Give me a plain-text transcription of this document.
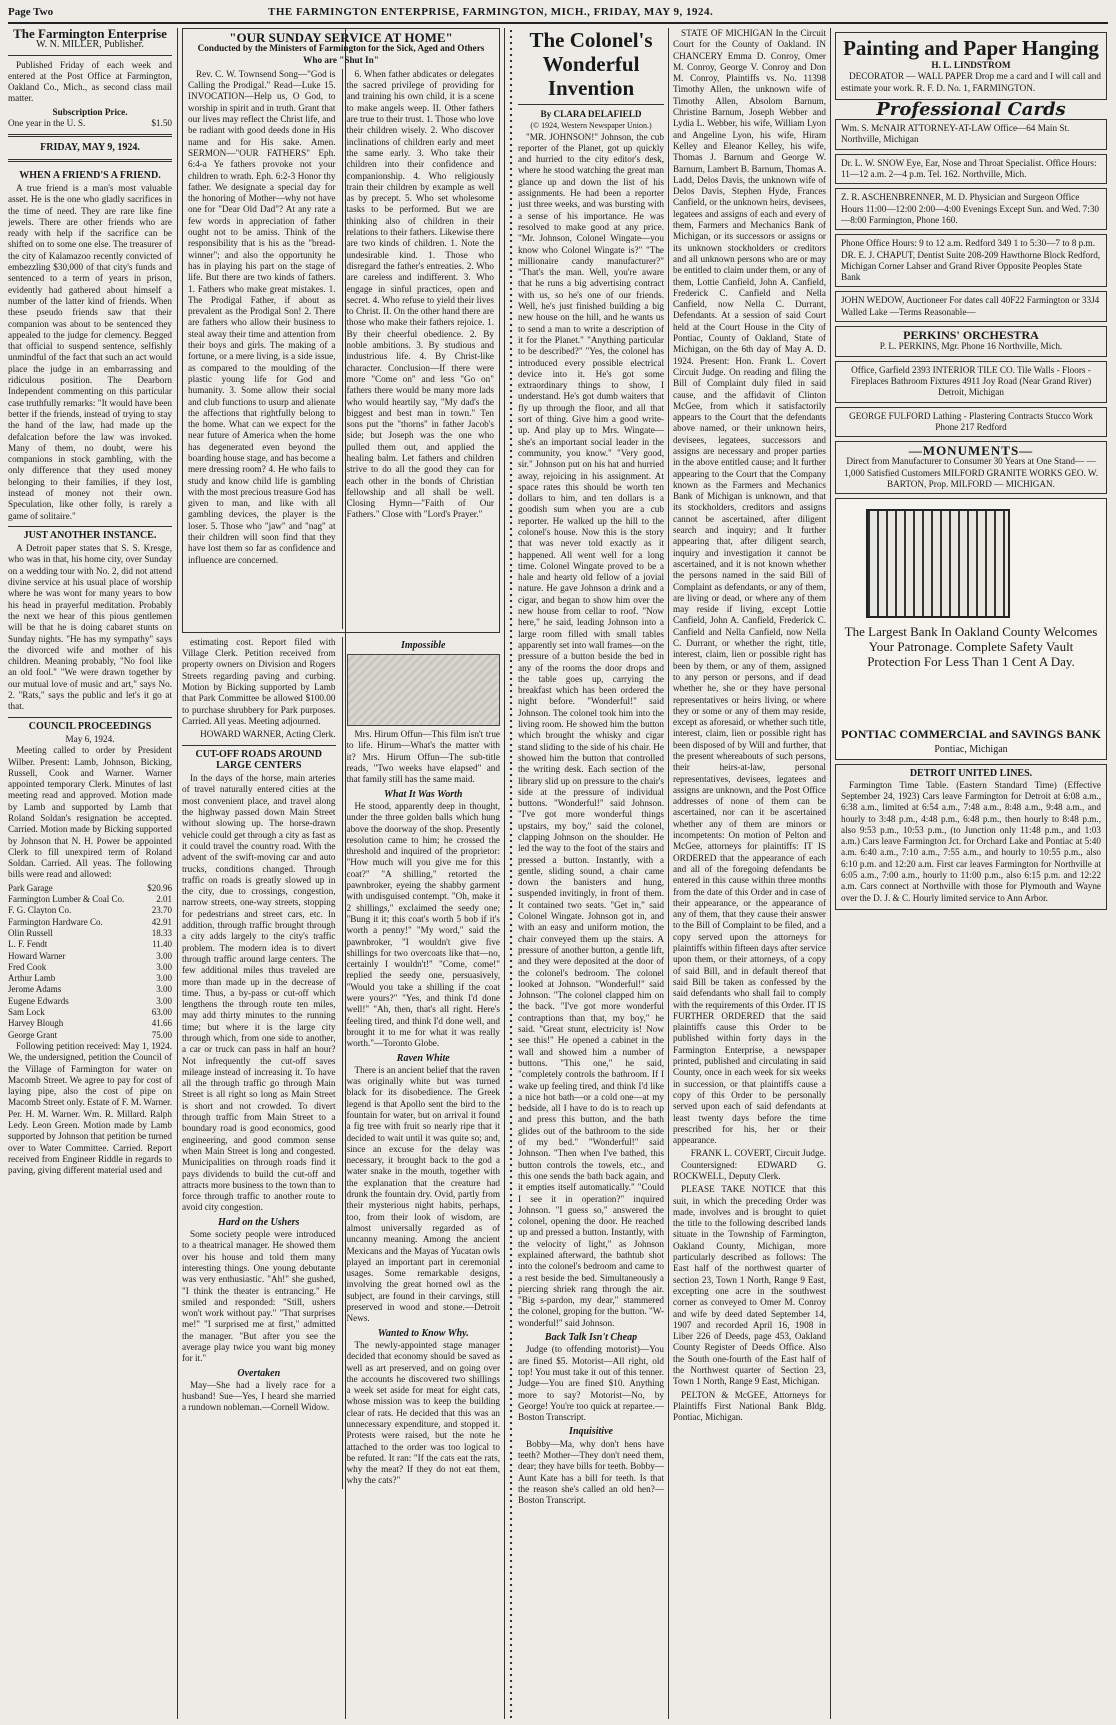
Page Two	THE FARMINGTON ENTERPRISE, FARMINGTON, MICH., FRIDAY, MAY 9, 1924.
The Farmington Enterprise
W. N. MILLER, Publisher.

Published Friday of each week and entered at the Post Office at Farmington, Oakland Co., Mich., as second class mail matter.

Subscription Price.
One year in the U. S.	$1.50
FRIDAY, MAY 9, 1924.
WHEN A FRIEND'S A FRIEND.

A true friend is a man's most valuable asset. He is the one who gladly sacrifices in the time of need. They are rare like fine jewels. There are other friends who are ready with help if the sacrifice can be shifted on to some one else. The treasurer of the city of Kalamazoo recently convicted of embezzling $30,000 of that city's funds and sentenced to a term of years in prison, evidently had gathered about himself a number of the latter kind of friends. When these pseudo friends saw that their companion was about to be sentenced they appealed to the judge for clemency. Begged that official to suspend sentence, selfishly unmindful of the fact that such an act would place the judge in an embarrassing and ridiculous position. The Dearborn Independent commenting on this particular case truthfully remarks: "It would have been better if the friends, instead of trying to stay the hand of the law, had made up the defalcation before the law was invoked. Many of them, no doubt, were his companions in stock gambling, with the only difference that they used money belonging to their families, if they lost, instead of money not their own. Speculation, like other folly, is rarely a game of solitaire."

JUST ANOTHER INSTANCE.

A Detroit paper states that S. S. Kresge, who was in that, his home city, over Sunday on a wedding tour with No. 2, did not attend divine service at his usual place of worship where he was wont for many years to bow his head in prayerful meditation. Probably the next we hear of this pious gentlemen will be that he is doing cabaret stunts on Sunday nights. "He has my sympathy" says the divorced wife and mother of his children. Meaning probably, "No fool like an old fool." "We were drawn together by our mutual love of music and art," says No. 2. "Rats," says the public and let's it go at that.

COUNCIL PROCEEDINGS
May 6, 1924.

Meeting called to order by President Wilber. Present: Lamb, Johnson, Bicking, Russell, Cook and Warner. Warner appointed temporary Clerk. Minutes of last meeting read and approved. Motion made by Lamb and supported by Lamb that Roland Soldan's resignation be accepted. Carried. Motion made by Bicking supported by Johnson that N. H. Power be appointed Clerk to fill unexpired term of Roland Soldan. Carried. All yeas. The following bills were read and allowed:

Park Garage	$20.96
Farmington Lumber & Coal Co.	2.01
F. G. Clayton Co.	23.70
Farmington Hardware Co.	42.91
Olin Russell	18.33
L. F. Fendt	11.40
Howard Warner	3.00
Fred Cook	3.00
Arthur Lamb	3.00
Jerome Adams	3.00
Eugene Edwards	3.00
Sam Lock	63.00
Harvey Blough	41.66
George Grant	75.00

Following petition received: May 1, 1924. We, the undersigned, petition the Council of the Village of Farmington for water on Macomb Street. We agree to pay for cost of laying pipe, also the cost of pipe on Macomb Street only. Estate of F. M. Warner. Per. H. M. Warner. Wm. R. Millard. Ralph Ledy. Leon Green. Motion made by Lamb supported by Johnson that petition be turned over to Water Committee. Carried. Report received from Engineer Riddle in regards to paving, giving different material used and

"OUR SUNDAY SERVICE AT HOME"
Conducted by the Ministers of Farmington for the Sick, Aged and Others Who are "Shut In"

Rev. C. W. Townsend Song—"God is Calling the Prodigal." Read—Luke 15. INVOCATION—Help us, O God, to worship in spirit and in truth. Grant that our lives may reflect the Christ life, and be radiant with good deeds done in His name and for His sake. Amen. SERMON—"OUR FATHERS" Eph. 6:4-a Ye fathers provoke not your children to wrath. Eph. 6:2-3 Honor thy father. We designate a special day for the honoring of Mother—why not have one for "Dear Old Dad"? At any rate a few words in appreciation of father ought not to be amiss. Think of the responsibility that is his as the "bread-winner"; and also the opportunity he has in playing his part on the stage of life. But there are two kinds of fathers. 1. Fathers who make great mistakes. 1. The Prodigal Father, if about as prevalent as the Prodigal Son! 2. There are fathers who allow their business to steal away their time and attention from their boys and girls. The making of a fortune, or a mere living, is a side issue, as compared to the moulding of the plastic young life for God and humanity. 3. Some allow their social and club functions to usurp and alienate the affections that rightfully belong to the home. What can we expect for the near future of America when the home has degenerated even beyond the boarding house stage, and has become a mere dressing room? 4. He who fails to study and know child life is gambling with the most precious treasure God has given to man, and like with all gambling devices, the player is the loser. 5. Those who "jaw" and "nag" at their children will soon find that they have lost them so far as confidence and influence are concerned.

6. When father abdicates or delegates the sacred privilege of providing for and training his own child, it is a scene to make angels weep. II. Other fathers are true to their trust. 1. Those who love their children wisely. 2. Who discover inclinations of children early and meet the same early. 3. Who take their children into their confidence and companionship. 4. Who religiously train their children by example as well as by precept. 5. Who set wholesome tasks to be performed. But we are thinking also of children in their relations to their fathers. Likewise there are two kinds of children. 1. Note the undesirable kind. 1. Those who disregard the father's entreaties. 2. Who are careless and indifferent. 3. Who engage in sinful practices, open and secret. 4. Who refuse to yield their lives to Christ. II. On the other hand there are those who make their fathers rejoice. 1. By their cheerful obedience. 2. By noble ambitions. 3. By studious and industrious life. 4. By Christ-like character. Conclusion—If there were more "Come on" and less "Go on" fathers there would be many more lads who would heartily say, "My dad's the biggest and best man in town." Ten sons put the "thorns" in father Jacob's side; but Joseph was the one who pulled them out, and applied the healing balm. Let fathers and children strive to do all the good they can for each other in the bonds of Christian fellowship and all shall be well. Closing Hymn—"Faith of Our Fathers." Close with "Lord's Prayer."

estimating cost. Report filed with Village Clerk. Petition received from property owners on Division and Rogers Streets regarding paving and curbing. Motion by Bicking supported by Lamb that Park Committee be allowed $100.00 to purchase shrubbery for Park purposes. Carried. All yeas. Meeting adjourned.

HOWARD WARNER, Acting Clerk.
CUT-OFF ROADS AROUND LARGE CENTERS

In the days of the horse, main arteries of travel naturally entered cities at the most convenient place, and travel along the highway passed down Main Street without slowing up. The horse-drawn vehicle could get through a city as fast as it could travel the country road. With the advent of the swift-moving car and auto trucks, conditions changed. Through traffic on roads is greatly slowed up in the city, due to crossings, congestion, narrow streets, one-way streets, stopping for pedestrians and street cars, etc. In addition, through traffic brought through a city adds largely to the city's traffic problem. The modern idea is to divert through traffic around large centers. The few additional miles thus traveled are more than made up in the decrease of time. Thus, a by-pass or cut-off which lengthens the through route ten miles, may add thirty minutes to the running time; but where it is the large city through which, from one side to another, a car or truck can pass in half an hour? Not infrequently the cut-off saves mileage instead of increasing it. To have all the through traffic go through Main Street is all right so long as Main Street is short and not crowded. To divert through traffic from Main Street to a boundary road is good economics, good engineering, and good common sense when Main Street is long and congested. Municipalities on through roads find it pays dividends to build the cut-off and attracts more business to the town than to force through traffic to another route to avoid city congestion.

Hard on the Ushers

Some society people were introduced to a theatrical manager. He showed them over his house and told them many interesting things. One young debutante was very enthusiastic. "Ah!" she gushed, "I think the theater is entrancing." He smiled and responded: "Still, ushers won't work without pay." "That surprises me!" "I surprised me at first," admitted the manager. "But after you see the average play twice you want big money for it."

Overtaken

May—She had a lively race for a husband! Sue—Yes, I heard she married a rundown nobleman.—Cornell Widow.

Impossible

Mrs. Hirum Offun—This film isn't true to life. Hirum—What's the matter with it? Mrs. Hirum Offun—The sub-title reads, "Two weeks have elapsed" and that family still has the same maid.

What It Was Worth

He stood, apparently deep in thought, under the three golden balls which hung above the doorway of the shop. Presently resolution came to him; he crossed the threshold and inquired of the proprietor: "How much will you give me for this coat?" "A shilling," retorted the pawnbroker, eyeing the shabby garment with undisguised contempt. "Oh, make it 2 shillings," exclaimed the seedy one; "Bung it it; this coat's worth 5 bob if it's worth a penny!" "My word," said the pawnbroker, "I wouldn't give five shillings for two overcoats like that—no, certainly I wouldn't!" "Come, come!" replied the seedy one, persuasively, "Would you take a shilling if the coat were yours?" "Yes, and think I'd done well!" "Ah, then, that's all right. Here's feeling tired, and think I'd done well, and brought it to me for what it was really worth."—Toronto Globe.

Raven White

There is an ancient belief that the raven was originally white but was turned black for its disobedience. The Greek legend is that Apollo sent the bird to the fountain for water, but on arrival it found a fig tree with fruit so nearly ripe that it decided to wait until it was quite so; and, since an excuse for the delay was necessary, it brought back to the god a water snake in the mouth, together with the explanation that the creature had drunk the fountain dry. Ovid, partly from their mysterious night habits, perhaps, too, from their look of wisdom, are almost universally regarded as of uncanny meaning. Among the ancient Mexicans and the Mayas of Yucatan owls played an important part in ceremonial usages. Some remarkable designs, involving the great horned owl as the subject, are found in their carvings, still preserved in wood and stone.—Detroit News.

Wanted to Know Why.

The newly-appointed stage manager decided that economy should be saved as well as art preserved, and on going over the accounts he discovered two shillings a week set aside for meat for eight cats, whose mission was to keep the building clear of rats. He decided that this was an unnecessary expenditure, and stopped it. Protests were raised, but the note he attached to the order was too logical to be refuted. It ran: "If the cats eat the rats, why the meat? If they do not eat them, why the cats?"

The Colonel's Wonderful Invention
By CLARA DELAFIELD
(© 1924, Western Newspaper Union.)

"MR. JOHNSON!" Johnson, the cub reporter of the Planet, got up quickly and hurried to the city editor's desk, where he stood watching the great man glance up and down the list of his assignments. He had been a reporter just three weeks, and was bursting with a sense of his importance. He was resolved to make good at any price. "Mr. Johnson, Colonel Wingate—you know who Colonel Wingate is?" "The millionaire candy manufacturer?" "That's the man. Well, you're aware that he runs a big advertising contract with us, so he's one of our friends. Well, he's just finished building a big new house on the hill, and he wants us to send a man to write a description of it for the Planet." "Anything particular to be described?" "Yes, the colonel has introduced every possible electrical device into it. He's got some extraordinary things to show, I understand. He's got dumb waiters that fly up through the floor, and all that sort of thing. Give him a good write-up. And play up to Mrs. Wingate—she's an important social leader in the community, you know." "Very good, sir." Johnson put on his hat and hurried away, rejoicing in his assignment. At space rates this should be worth ten dollars to him, and ten dollars is a goodish sum when you are a cub reporter. He walked up the hill to the colonel's house. Now this is the story that was never told exactly as it happened. All went well for a long time. Colonel Wingate proved to be a hale and hearty old fellow of a jovial nature. He gave Johnson a drink and a cigar, and began to show him over the new house from cellar to roof. "Now here," he said, leading Johnson into a large room filled with small tables apparently set into wall frames—on the pressure of a button beside the bed in any of the rooms the door drops and the table goes up, carrying the breakfast which has been ordered the night before. "Wonderful!" said Johnson. The colonel took him into the living room. He showed him the button which brought the whisky and cigar stand sliding to the side of his chair. He showed him the button that controlled the writing desk. Each section of the library slid up on pressure to the chair's side at the pressure of individual buttons. "Wonderful!" said Johnson. "I've got more wonderful things upstairs, my boy," said the colonel, clapping Johnson on the shoulder. He led the way to the foot of the stairs and pressed a button. Instantly, with a gentle, sliding sound, a chair came down the banisters and hung, suspended invitingly, in front of them. It contained two seats. "Get in," said Colonel Wingate. Johnson got in, and with an easy and uniform motion, the chair conveyed them up the stairs. A pressure of another button, a gentle lift, and they were deposited at the door of the colonel's bedroom. The colonel looked at Johnson. "Wonderful!" said Johnson. "The colonel clapped him on the back. "I've got more wonderful contraptions than that, my boy," he said. "Great stunt, electricity is! Now see this!" He opened a cabinet in the wall and showed him a number of buttons. "This one," he said, "completely controls the bathroom. If I wake up feeling tired, and think I'd like a nice hot bath—or a cold one—at my bedside, all I have to do is to reach up and press this button, and the bath glides out of the bathroom to the side of my bed." "Wonderful!" said Johnson. "Then when I've bathed, this button controls the towels, etc., and this one sends the bath back again, and it empties itself automatically." "Could I see it in operation?" inquired Johnson. "I guess so," answered the colonel, opening the door. He reached up and pressed a button. Instantly, with the velocity of light," as Johnson explained afterward, the bathtub shot into the colonel's bedroom and came to a rest beside the bed. Simultaneously a piercing shriek rang through the air. "Big s-pardon, my dear," stammered the colonel, groping for the button. "W-wonderful!" said Johnson.

Back Talk Isn't Cheap

Judge (to offending motorist)—You are fined $5. Motorist—All right, old top! You must take it out of this tenner. Judge—You are fined $10. Anything more to say? Motorist—No, by George! You're too quick at repartee.—Boston Transcript.

Inquisitive

Bobby—Ma, why don't hens have teeth? Mother—They don't need them, dear; they have bills for teeth. Bobby—Aunt Kate has a bill for teeth. Is that the reason she's called an old hen?—Boston Transcript.

STATE OF MICHIGAN In the Circuit Court for the County of Oakland. IN CHANCERY Emma D. Conroy, Omer M. Conroy, George V. Conroy and Don M. Conroy, Plaintiffs vs. No. 11398 Timothy Allen, the unknown wife of Timothy Allen, Absolom Barnum, Christine Barnum, Joseph Webber and Lydia L. Webber, his wife, William Lyon and Angeline Lyon, his wife, Hiram Kelley and Eleanor Kelley, his wife, Thomas J. Barnum and George W. Barnum, Lambert B. Barnum, Thomas A. Ladd, Delos Davis, the unknown wife of Delos Davis, Stephen Hyde, Frances Canfield, or the unknown heirs, devisees, legatees and assigns of each and every of them, Farmers and Mechanics Bank of Michigan, or its successors or assigns or its unknown stockholders or creditors and all unknown persons who are or may be entitled to claim under them, or any of them, Lottie Canfield, John A. Canfield, Frederick C. Canfield and Nella Canfield, now Nella C. Durrant, Defendants. At a session of said Court held at the Court House in the City of Pontiac, County of Oakland, State of Michigan, on the 6th day of May A. D. 1924. Present: Hon. Frank L. Covert Circuit Judge. On reading and filing the Bill of Complaint duly filed in said cause, and the affidavit of Clinton McGee, from which it satisfactorily appears to the Court that the defendants above named, or their unknown heirs, devisees, legatees, successors and assigns are necessary and proper parties in the above entitled cause; and It further appearing to the Court that the Company known as the Farmers and Mechanics Bank of Michigan is unknown, and that its stockholders, creditors and assigns cannot be ascertained, after diligent search and inquiry; and It further appearing that, after diligent search, inquiry and investigation it cannot be ascertained, and it is not known whether the persons named in the said Bill of Complaint as defendants, or any of them, are living or dead, or where any of them may reside if living, except Lottie Canfield, John A. Canfield, Frederick C. Canfield and Nella Canfield, now Nella C. Durrant, or whether the right, title, interest, claim, lien or possible right has been by them, or any of them, assigned to any person or persons, and if dead whether he, she or they have personal representatives or heirs living, or where they or some or any of them may reside, except as aforesaid, or whether such title, interest, claim, lien or possible right has been disposed of by Will and further, that the present whereabouts of such persons, their heirs-at-law, personal representatives, devisees, legatees and assigns are unknown, and the Post Office addresses of none of them can be ascertained, nor can it be ascertained whether any of them are minors or incompetents: On motion of Pelton and McGee, attorneys for plaintiffs: IT IS ORDERED that the appearance of each and all of the foregoing defendants be entered in this cause within three months from the date of this Order and in case of their appearance, or the appearance of any of them, that they cause their answer to the Bill of Complaint to be filed, and a copy served upon the attorneys for plaintiffs within fifteen days after service upon them, or their attorneys, of a copy of said Bill, and in default thereof that said Bill be taken as confessed by the said defendants who shall fail to comply with the requirements of this Order. IT IS FURTHER ORDERED that the said plaintiffs cause this Order to be published within forty days in the Farmington Enterprise, a newspaper printed, published and circulating in said County, once in each week for six weeks in succession, or that plaintiffs cause a copy of this Order to be personally served upon each of said defendants at least twenty days before the time prescribed for his, her or their appearance.

FRANK L. COVERT, Circuit Judge.

Countersigned: EDWARD G. ROCKWELL, Deputy Clerk.

PLEASE TAKE NOTICE that this suit, in which the preceding Order was made, involves and is brought to quiet the title to the following described lands situate in the Township of Farmington, Oakland County, Michigan, more particularly described as follows: The East half of the northwest quarter of section 23, Town 1 North, Range 9 East, excepting one acre in the southwest corner as conveyed to Omer M. Conroy and wife by deed dated September 14, 1907 and recorded April 16, 1908 in Liber 226 of Deeds, page 453, Oakland County Register of Deeds Office. Also the South one-fourth of the East half of the Northwest quarter of Section 23, Town 1 North, Range 9 East, Michigan.

PELTON & McGEE, Attorneys for Plaintiffs First National Bank Bldg. Pontiac, Michigan.

Painting and Paper Hanging
H. L. LINDSTROM

DECORATOR — WALL PAPER Drop me a card and I will call and estimate your work. R. F. D. No. 1, FARMINGTON.

Professional Cards
Wm. S. McNAIR ATTORNEY-AT-LAW Office—64 Main St. Northville, Michigan
Dr. L. W. SNOW Eye, Ear, Nose and Throat Specialist. Office Hours: 11—12 a.m. 2—4 p.m. Tel. 162. Northville, Mich.
Z. R. ASCHENBRENNER, M. D. Physician and Surgeon Office Hours 11:00—12:00 2:00—4:00 Evenings Except Sun. and Wed. 7:30—8:00 Farmington, Phone 160.
Phone Office Hours: 9 to 12 a.m. Redford 349 1 to 5:30—7 to 8 p.m. DR. E. J. CHAPUT, Dentist Suite 208-209 Hawthorne Block Redford, Michigan Corner Lahser and Grand River Opposite Peoples State Bank
JOHN WEDOW, Auctioneer For dates call 40F22 Farmington or 33J4 Walled Lake —Terms Reasonable—
PERKINS' ORCHESTRA
P. L. PERKINS, Mgr. Phone 16 Northville, Mich.
Office, Garfield 2393 INTERIOR TILE CO. Tile Walls - Floors - Fireplaces Bathroom Fixtures 4911 Joy Road (Near Grand River) Detroit, Michigan
GEORGE FULFORD Lathing - Plastering Contracts Stucco Work Phone 217 Redford
—MONUMENTS—
Direct from Manufacturer to Consumer 30 Years at One Stand— —1,000 Satisfied Customers MILFORD GRANITE WORKS GEO. W. BARTON, Prop. MILFORD — MICHIGAN.
The Largest Bank In Oakland County Welcomes Your Patronage. Complete Safety Vault Protection For Less Than 1 Cent A Day.
PONTIAC COMMERCIAL and SAVINGS BANK
Pontiac, Michigan
DETROIT UNITED LINES.

Farmington Time Table. (Eastern Standard Time) (Effective September 24, 1923) Cars leave Farmington for Detroit at 6:08 a.m., 6:38 a.m., limited at 6:54 a.m., 7:48 a.m., 8:48 a.m., 9:48 a.m., and hourly to 3:48 p.m., 4:48 p.m., 6:48 p.m., then hourly to 8:48 p.m., also 9:53 p.m., 10:53 p.m., (to Junction only 11:48 p.m., and 1:03 a.m.) Cars leave Farmington Jct. for Orchard Lake and Pontiac at 5:40 a.m. 6:40 a.m., 7:10 a.m., 7:55 a.m., and hourly to 10:55 p.m., also 6:10 p.m. and 12:20 a.m. First car leaves Farmington for Northville at 6:05 a.m., 7:00 a.m., hourly to 11:00 p.m., also 6:15 p.m. and 12:22 a.m. Cars connect at Northville with those for Plymouth and Wayne over the D. J. & C. Hourly limited service to Ann Arbor.
